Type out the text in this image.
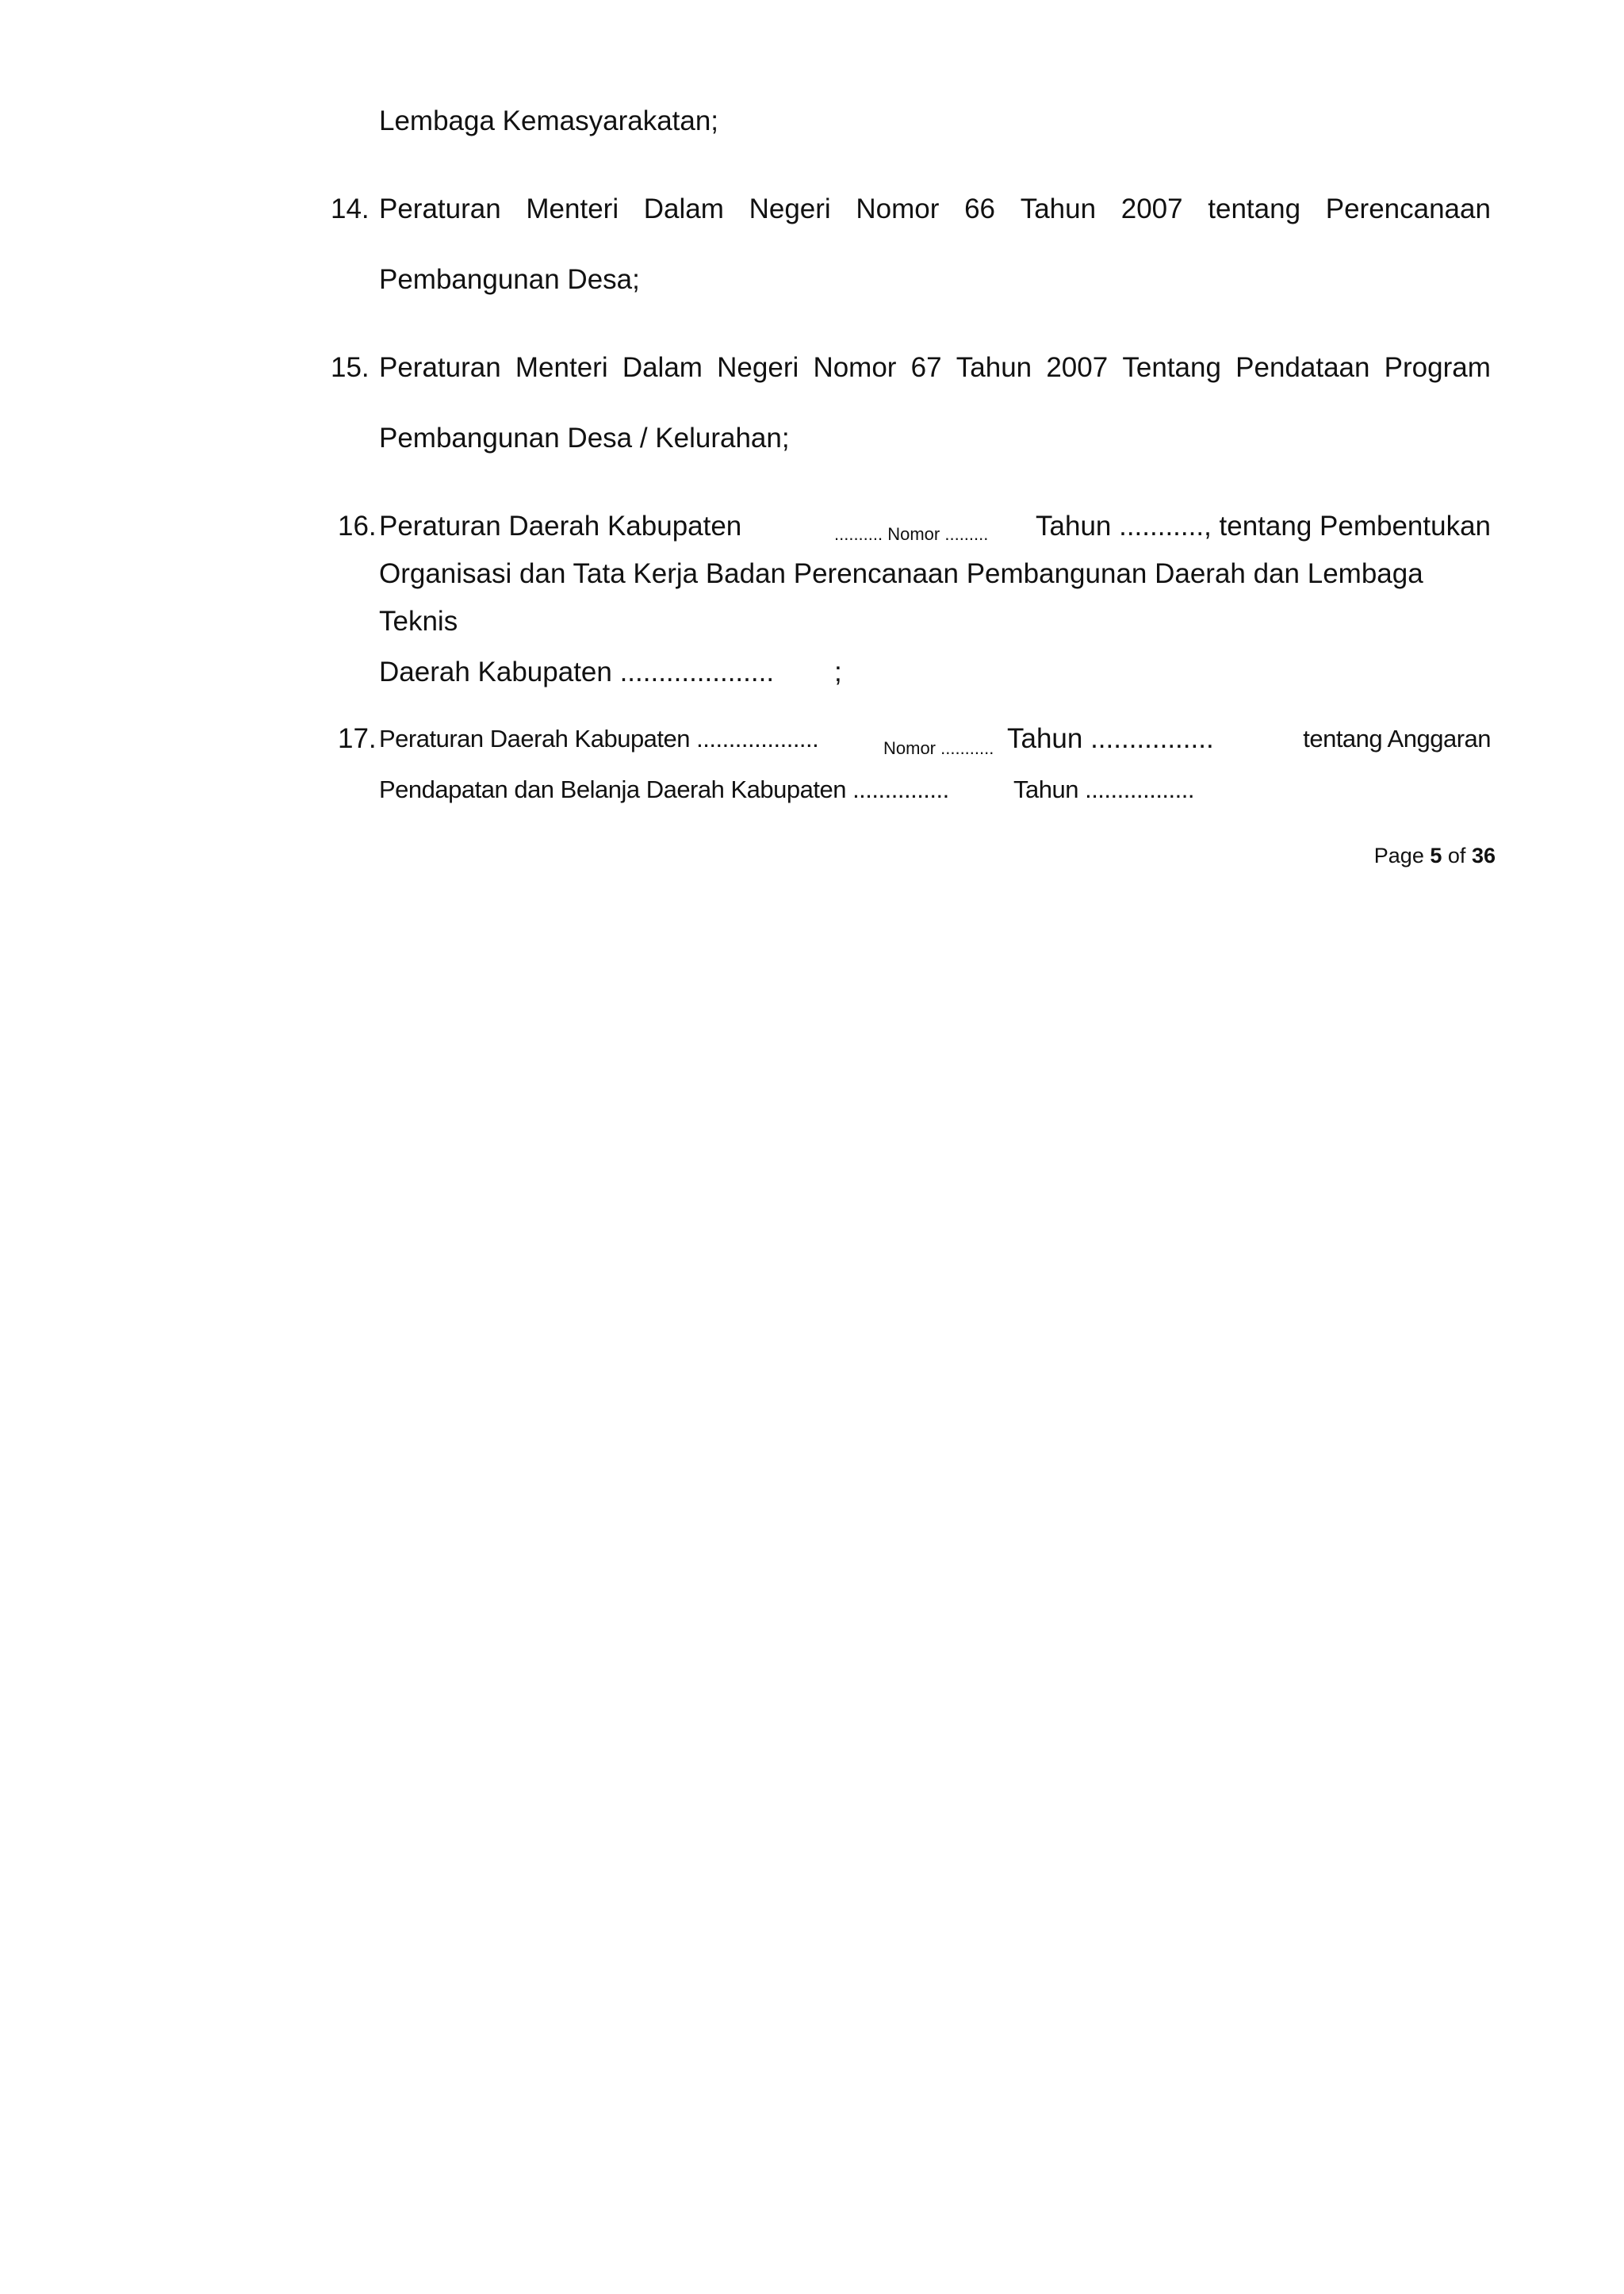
Lembaga Kemasyarakatan;
14. Peraturan Menteri Dalam Negeri Nomor 66 Tahun 2007 tentang Perencanaan
Pembangunan Desa;
15. Peraturan Menteri Dalam Negeri Nomor 67 Tahun 2007 Tentang Pendataan Program
Pembangunan Desa / Kelurahan;
16. Peraturan Daerah Kabupaten	.......... Nomor ......... Tahun ..........., tentang Pembentukan
Organisasi dan Tata Kerja Badan Perencanaan Pembangunan Daerah dan Lembaga
Teknis
Daerah Kabupaten .................... ;
17. Peraturan Daerah Kabupaten ...................	Nomor ........... Tahun ................	tentang Anggaran
Pendapatan dan Belanja Daerah Kabupaten ...............	Tahun .................
Page 5 of 36
